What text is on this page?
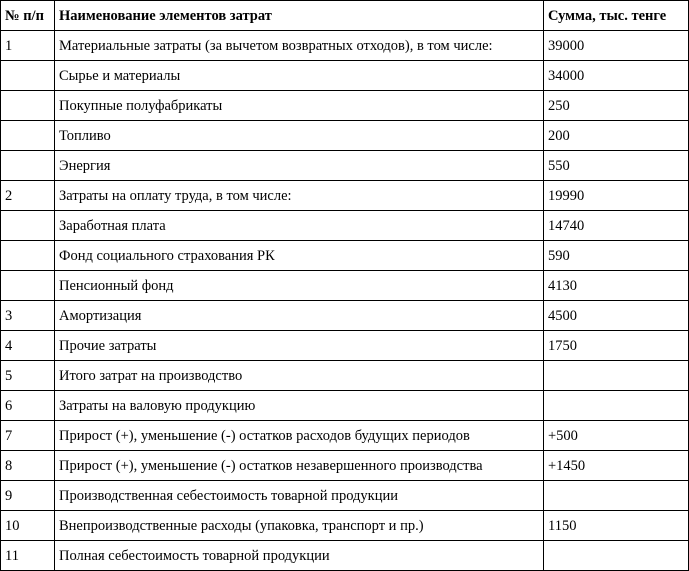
№ п/п	Наименование элементов затрат	Сумма, тыс. тенге
1	Материальные затраты (за вычетом возвратных отходов), в том числе:	39000
	Сырье и материалы	34000
	Покупные полуфабрикаты	250
	Топливо	200
	Энергия	550
2	Затраты на оплату труда, в том числе:	19990
	Заработная плата	14740
	Фонд социального страхования РК	590
	Пенсионный фонд	4130
3	Амортизация	4500
4	Прочие затраты	1750
5	Итого затрат на производство	
6	Затраты на валовую продукцию	
7	Прирост (+), уменьшение (-) остатков расходов будущих периодов	+500
8	Прирост (+), уменьшение (-) остатков незавершенного производства	+1450
9	Производственная себестоимость товарной продукции	
10	Внепроизводственные расходы (упаковка, транспорт и пр.)	1150
11	Полная себестоимость товарной продукции	
